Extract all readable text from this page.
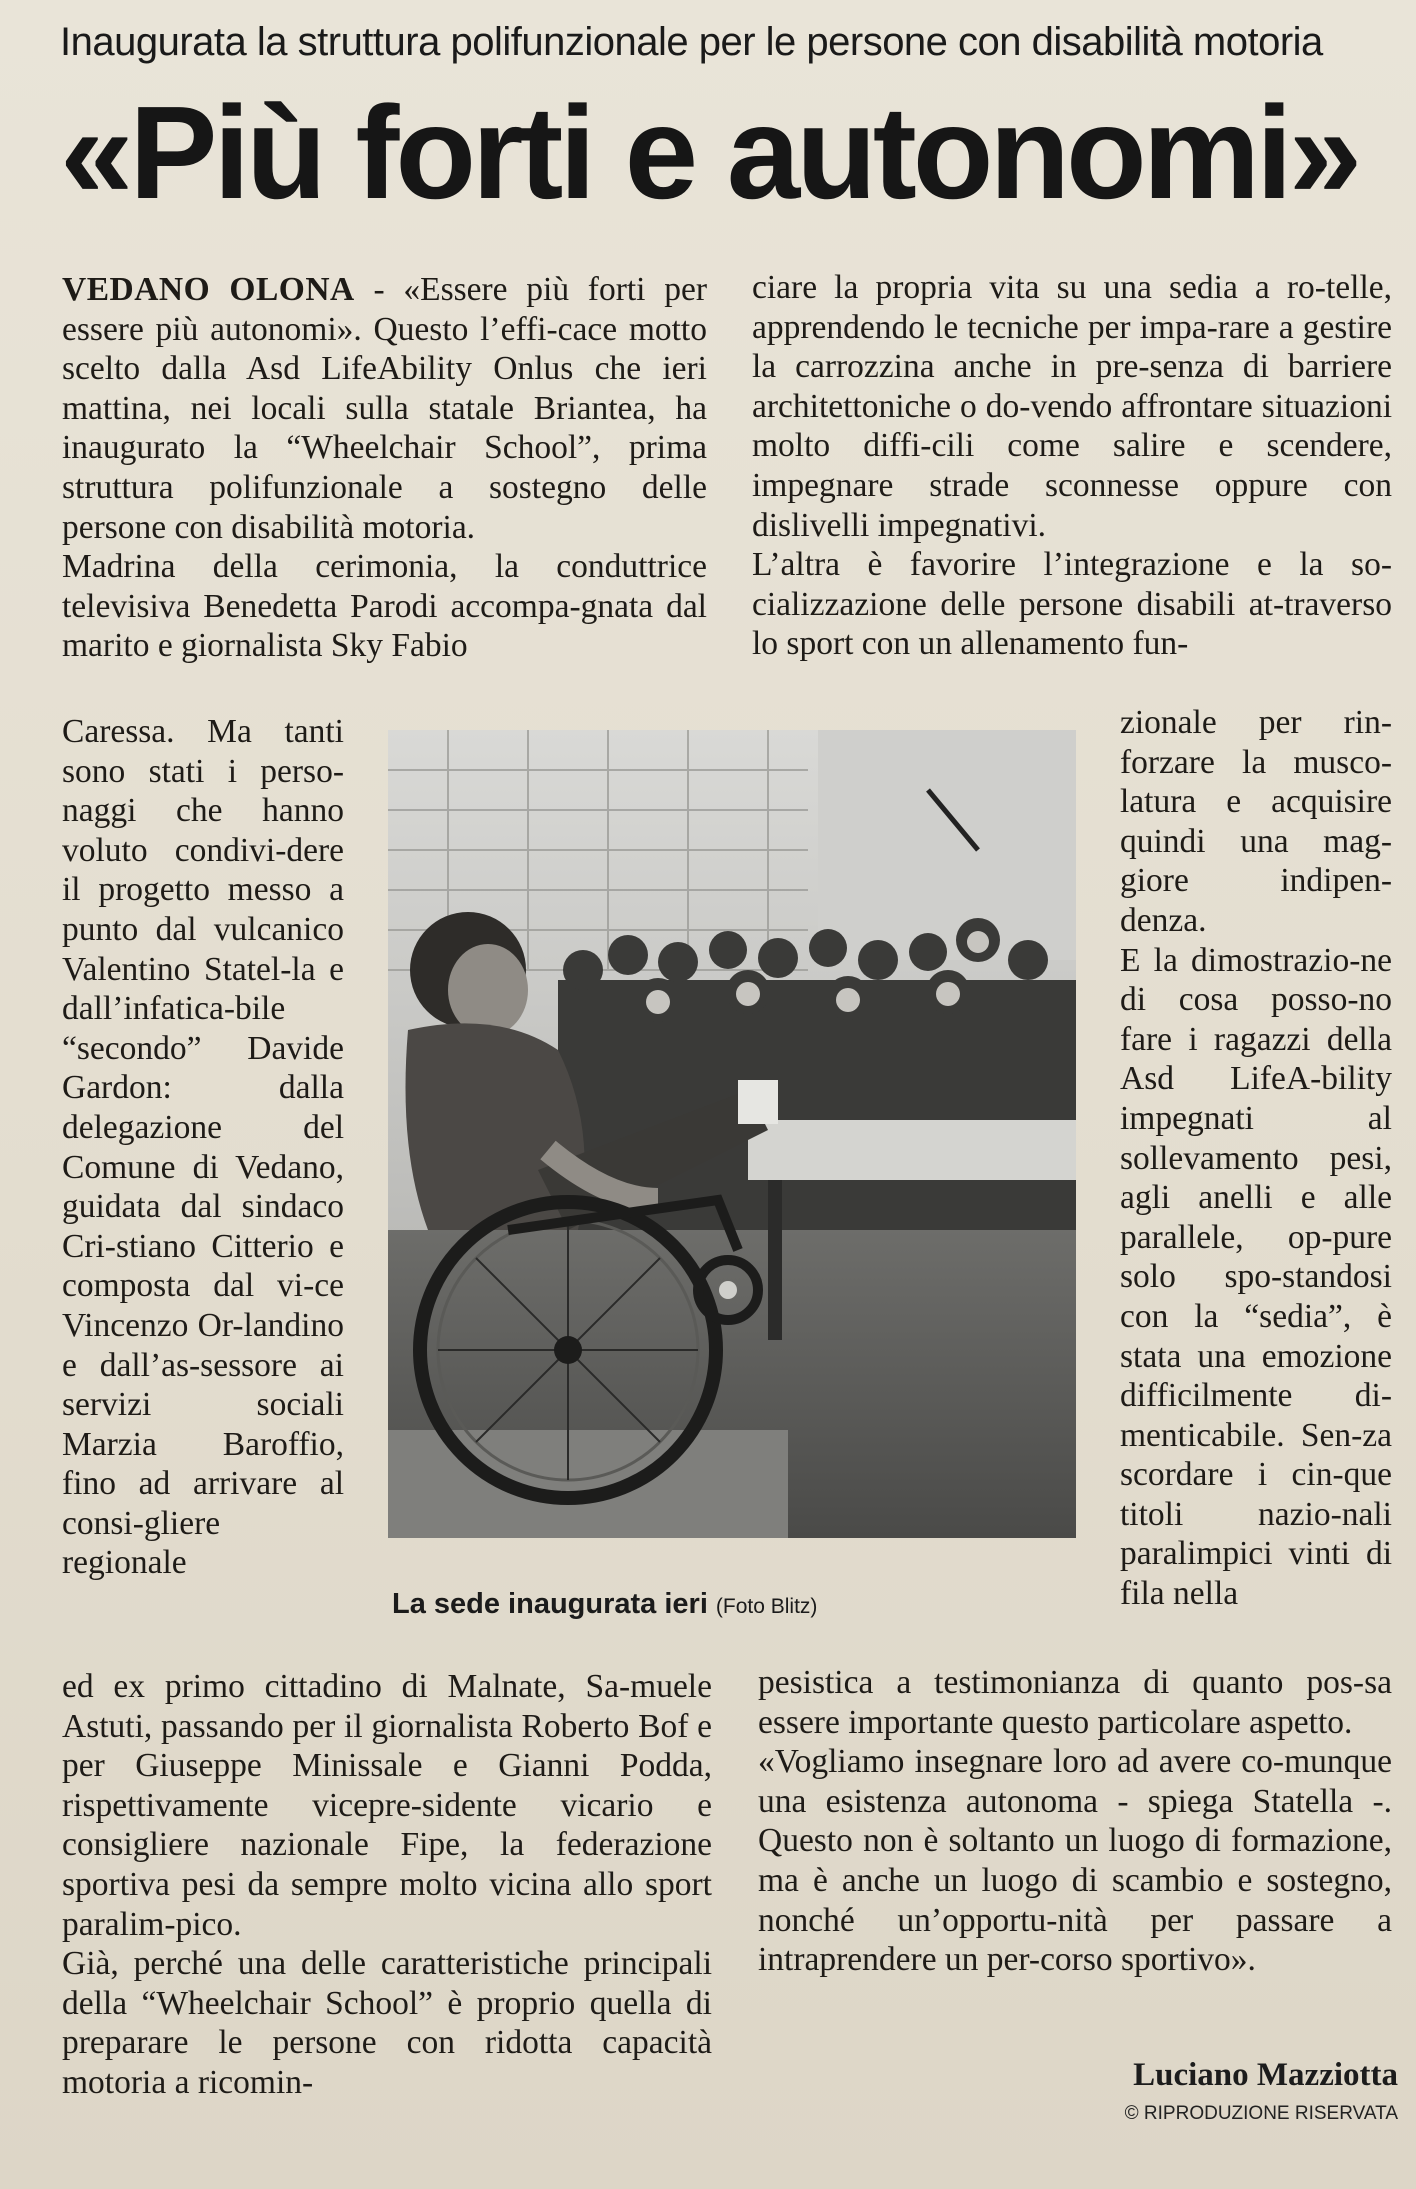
Inaugurata la struttura polifunzionale per le persone con disabilità motoria
«Più forti e autonomi»

VEDANO OLONA - «Essere più forti per essere più autonomi». Questo l’effi-cace motto scelto dalla Asd LifeAbility Onlus che ieri mattina, nei locali sulla statale Briantea, ha inaugurato la “Wheelchair School”, prima struttura polifunzionale a sostegno delle persone con disabilità motoria.

Madrina della cerimonia, la conduttrice televisiva Benedetta Parodi accompa-gnata dal marito e giornalista Sky Fabio

Caressa. Ma tanti sono stati i perso-naggi che hanno voluto condivi-dere il progetto messo a punto dal vulcanico Valentino Statel-la e dall’infatica-bile “secondo” Davide Gardon: dalla delegazione del Comune di Vedano, guidata dal sindaco Cri-stiano Citterio e composta dal vi-ce Vincenzo Or-landino e dall’as-sessore ai servizi sociali Marzia Baroffio, fino ad arrivare al consi-gliere regionale

ed ex primo cittadino di Malnate, Sa-muele Astuti, passando per il giornalista Roberto Bof e per Giuseppe Minissale e Gianni Podda, rispettivamente vicepre-sidente vicario e consigliere nazionale Fipe, la federazione sportiva pesi da sempre molto vicina allo sport paralim-pico.

Già, perché una delle caratteristiche principali della “Wheelchair School” è proprio quella di preparare le persone con ridotta capacità motoria a ricomin-

ciare la propria vita su una sedia a ro-telle, apprendendo le tecniche per impa-rare a gestire la carrozzina anche in pre-senza di barriere architettoniche o do-vendo affrontare situazioni molto diffi-cili come salire e scendere, impegnare strade sconnesse oppure con dislivelli impegnativi.

L’altra è favorire l’integrazione e la so-cializzazione delle persone disabili at-traverso lo sport con un allenamento fun-

zionale per rin-forzare la musco-latura e acquisire quindi una mag-giore indipen-denza.

E la dimostrazio-ne di cosa posso-no fare i ragazzi della Asd LifeA-bility impegnati al sollevamento pesi, agli anelli e alle parallele, op-pure solo spo-standosi con la “sedia”, è stata una emozione difficilmente di-menticabile. Sen-za scordare i cin-que titoli nazio-nali paralimpici vinti di fila nella

pesistica a testimonianza di quanto pos-sa essere importante questo particolare aspetto.

«Vogliamo insegnare loro ad avere co-munque una esistenza autonoma - spiega Statella -. Questo non è soltanto un luogo di formazione, ma è anche un luogo di scambio e sostegno, nonché un’opportu-nità per passare a intraprendere un per-corso sportivo».

La sede inaugurata ieri (Foto Blitz)
Luciano Mazziotta
© RIPRODUZIONE RISERVATA
